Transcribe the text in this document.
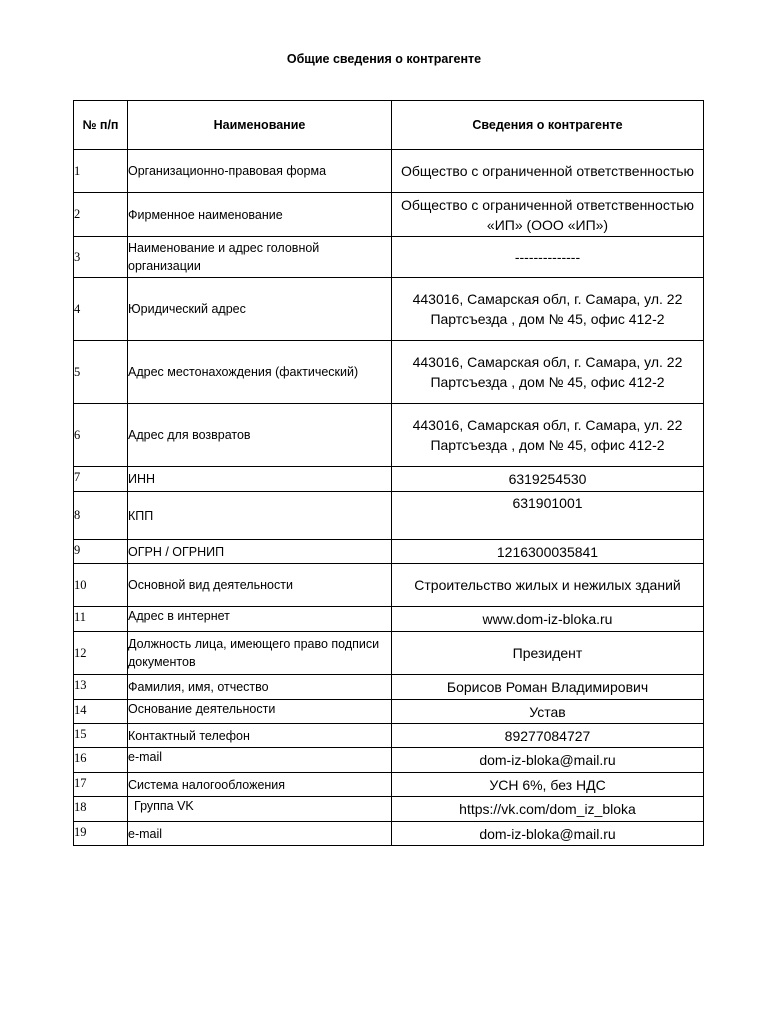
Общие сведения о контрагенте
№ п/п	Наименование	Сведения о контрагенте
1	Организационно-правовая форма	Общество с ограниченной ответственностью
2	Фирменное наименование	Общество с ограниченной ответственностью «ИП» (ООО «ИП»)
3	Наименование и адрес головной организации	--------------
4	Юридический адрес	443016, Самарская обл, г. Самара, ул. 22 Партсъезда , дом № 45, офис 412-2
5	Адрес местонахождения (фактический)	443016, Самарская обл, г. Самара, ул. 22 Партсъезда , дом № 45, офис 412-2
6	Адрес для возвратов	443016, Самарская обл, г. Самара, ул. 22 Партсъезда , дом № 45, офис 412-2
7	ИНН	6319254530
8	КПП	631901001
9	ОГРН / ОГРНИП	1216300035841
10	Основной вид деятельности	Строительство жилых и нежилых зданий
11	Адрес в интернет	www.dom-iz-bloka.ru
12	Должность лица, имеющего право подписи документов	Президент
13	Фамилия, имя, отчество	Борисов Роман Владимирович
14	Основание деятельности	Устав
15	Контактный телефон	89277084727
16	e-mail	dom-iz-bloka@mail.ru
17	Система налогообложения	УСН 6%, без НДС
18	Группа VK	https://vk.com/dom_iz_bloka
19	e-mail	dom-iz-bloka@mail.ru
